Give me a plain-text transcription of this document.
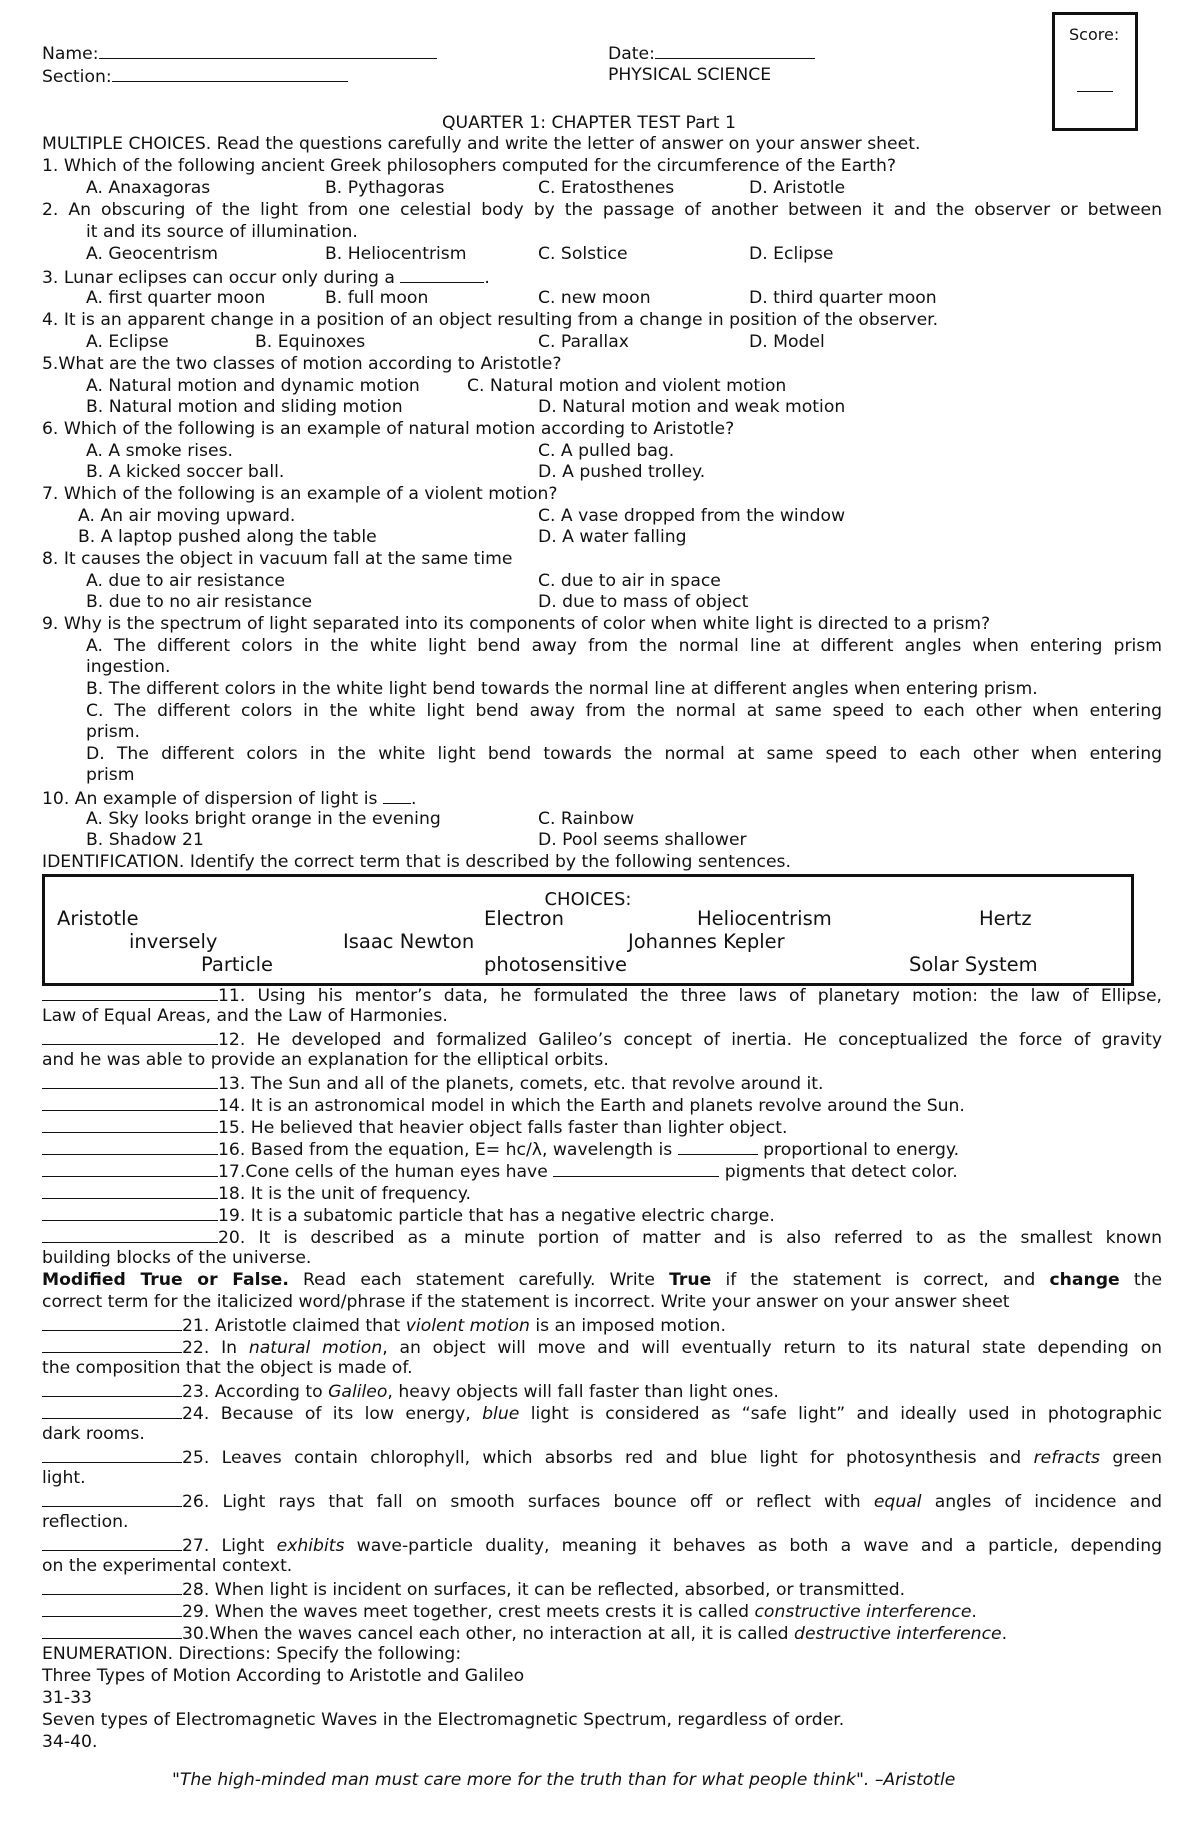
Name:	Date:
Section:	PHYSICAL SCIENCE
Score:
QUARTER 1: CHAPTER TEST Part 1
MULTIPLE CHOICES. Read the questions carefully and write the letter of answer on your answer sheet.
1. Which of the following ancient Greek philosophers computed for the circumference of the Earth?
A. Anaxagoras	B. Pythagoras	C. Eratosthenes	D. Aristotle
2. An obscuring of the light from one celestial body by the passage of another between it and the observer or between
it and its source of illumination.
A. Geocentrism	B. Heliocentrism	C. Solstice	D. Eclipse
3. Lunar eclipses can occur only during a	.
A. first quarter moon	B. full moon	C. new moon	D. third quarter moon
4. It is an apparent change in a position of an object resulting from a change in position of the observer.
A. Eclipse	B. Equinoxes	C. Parallax	D. Model
5.What are the two classes of motion according to Aristotle?
A. Natural motion and dynamic motion	C. Natural motion and violent motion
B. Natural motion and sliding motion	D. Natural motion and weak motion
6. Which of the following is an example of natural motion according to Aristotle?
A. A smoke rises.	C. A pulled bag.
B. A kicked soccer ball.	D. A pushed trolley.
7. Which of the following is an example of a violent motion?
A. An air moving upward.	C. A vase dropped from the window
B. A laptop pushed along the table	D. A water falling
8. It causes the object in vacuum fall at the same time
A. due to air resistance	C. due to air in space
B. due to no air resistance	D. due to mass of object
9. Why is the spectrum of light separated into its components of color when white light is directed to a prism?
A. The different colors in the white light bend away from the normal line at different angles when entering prism
ingestion.
B. The different colors in the white light bend towards the normal line at different angles when entering prism.
C. The different colors in the white light bend away from the normal at same speed to each other when entering
prism.
D. The different colors in the white light bend towards the normal at same speed to each other when entering
prism
10. An example of dispersion of light is .
A. Sky looks bright orange in the evening	C. Rainbow
B. Shadow 21	D. Pool seems shallower
IDENTIFICATION. Identify the correct term that is described by the following sentences.
CHOICES:
Aristotle	Electron	Heliocentrism	Hertz
inversely	Isaac Newton	Johannes Kepler
Particle	photosensitive	Solar System
11. Using his mentor’s data, he formulated the three laws of planetary motion: the law of Ellipse,
Law of Equal Areas, and the Law of Harmonies.
12. He developed and formalized Galileo’s concept of inertia. He conceptualized the force of gravity
and he was able to provide an explanation for the elliptical orbits.
13. The Sun and all of the planets, comets, etc. that revolve around it.
14. It is an astronomical model in which the Earth and planets revolve around the Sun.
15. He believed that heavier object falls faster than lighter object.
16. Based from the equation, E= hc/λ, wavelength is	proportional to energy.
17.Cone cells of the human eyes have	pigments that detect color.
18. It is the unit of frequency.
19. It is a subatomic particle that has a negative electric charge.
20. It is described as a minute portion of matter and is also referred to as the smallest known
building blocks of the universe.
Modified True or False. Read each statement carefully. Write True if the statement is correct, and change the
correct term for the italicized word/phrase if the statement is incorrect. Write your answer on your answer sheet
21. Aristotle claimed that violent motion is an imposed motion.
22. In natural motion, an object will move and will eventually return to its natural state depending on
the composition that the object is made of.
23. According to Galileo, heavy objects will fall faster than light ones.
24. Because of its low energy, blue light is considered as “safe light” and ideally used in photographic
dark rooms.
25. Leaves contain chlorophyll, which absorbs red and blue light for photosynthesis and refracts green
light.
26. Light rays that fall on smooth surfaces bounce off or reflect with equal angles of incidence and
reflection.
27. Light exhibits wave-particle duality, meaning it behaves as both a wave and a particle, depending
on the experimental context.
28. When light is incident on surfaces, it can be reflected, absorbed, or transmitted.
29. When the waves meet together, crest meets crests it is called constructive interference.
30.When the waves cancel each other, no interaction at all, it is called destructive interference.
ENUMERATION. Directions: Specify the following:
Three Types of Motion According to Aristotle and Galileo
31-33
Seven types of Electromagnetic Waves in the Electromagnetic Spectrum, regardless of order.
34-40.
"The high-minded man must care more for the truth than for what people think". –Aristotle
